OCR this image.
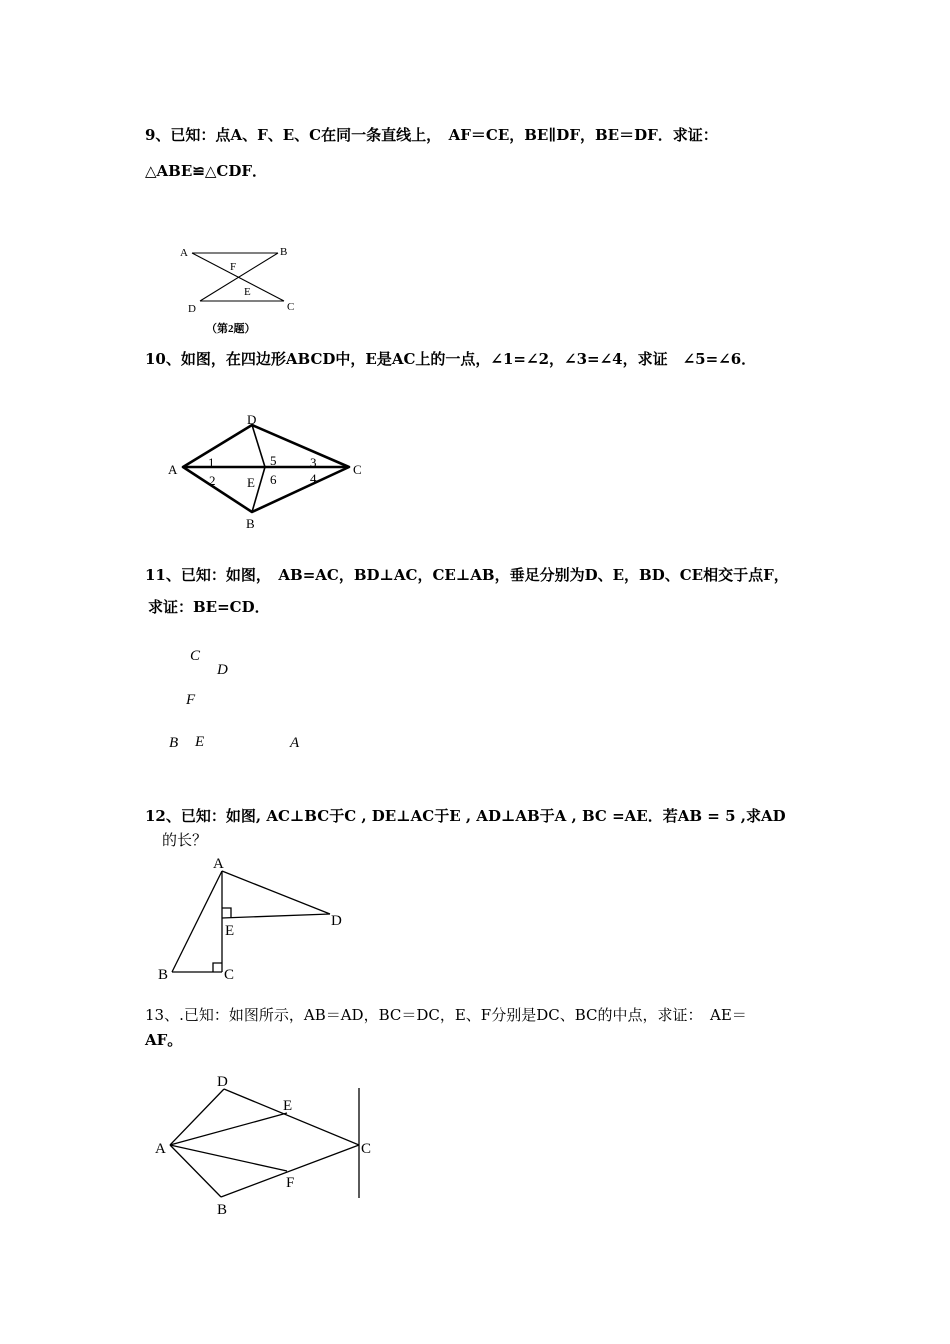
9、已知：点A、F、E、C在同一条直线上，　AF＝CE，BE∥DF，BE＝DF．求证：
△ABE≌△CDF．
A	B
F
E
D	C
（第2题）
10、如图，在四边形ABCD中，E是AC上的一点，∠1=∠2，∠3=∠4，求证　∠5=∠6．
D
A	C
B
E
1
2
5
6
3
4
11、已知：如图，　AB=AC，BD⊥AC，CE⊥AB，垂足分别为D、E，BD、CE相交于点F，
求证：BE=CD．
C
D
F
B E	A
12、已知：如图, AC⊥BC于C , DE⊥AC于E , AD⊥AB于A , BC =AE．若AB = 5 ,求AD
的长？
A
D
E
B	C
13、.已知：如图所示，AB＝AD，BC＝DC，E、F分别是DC、BC的中点，求证：　AE＝
AF。
D
E
A	C
F
B
